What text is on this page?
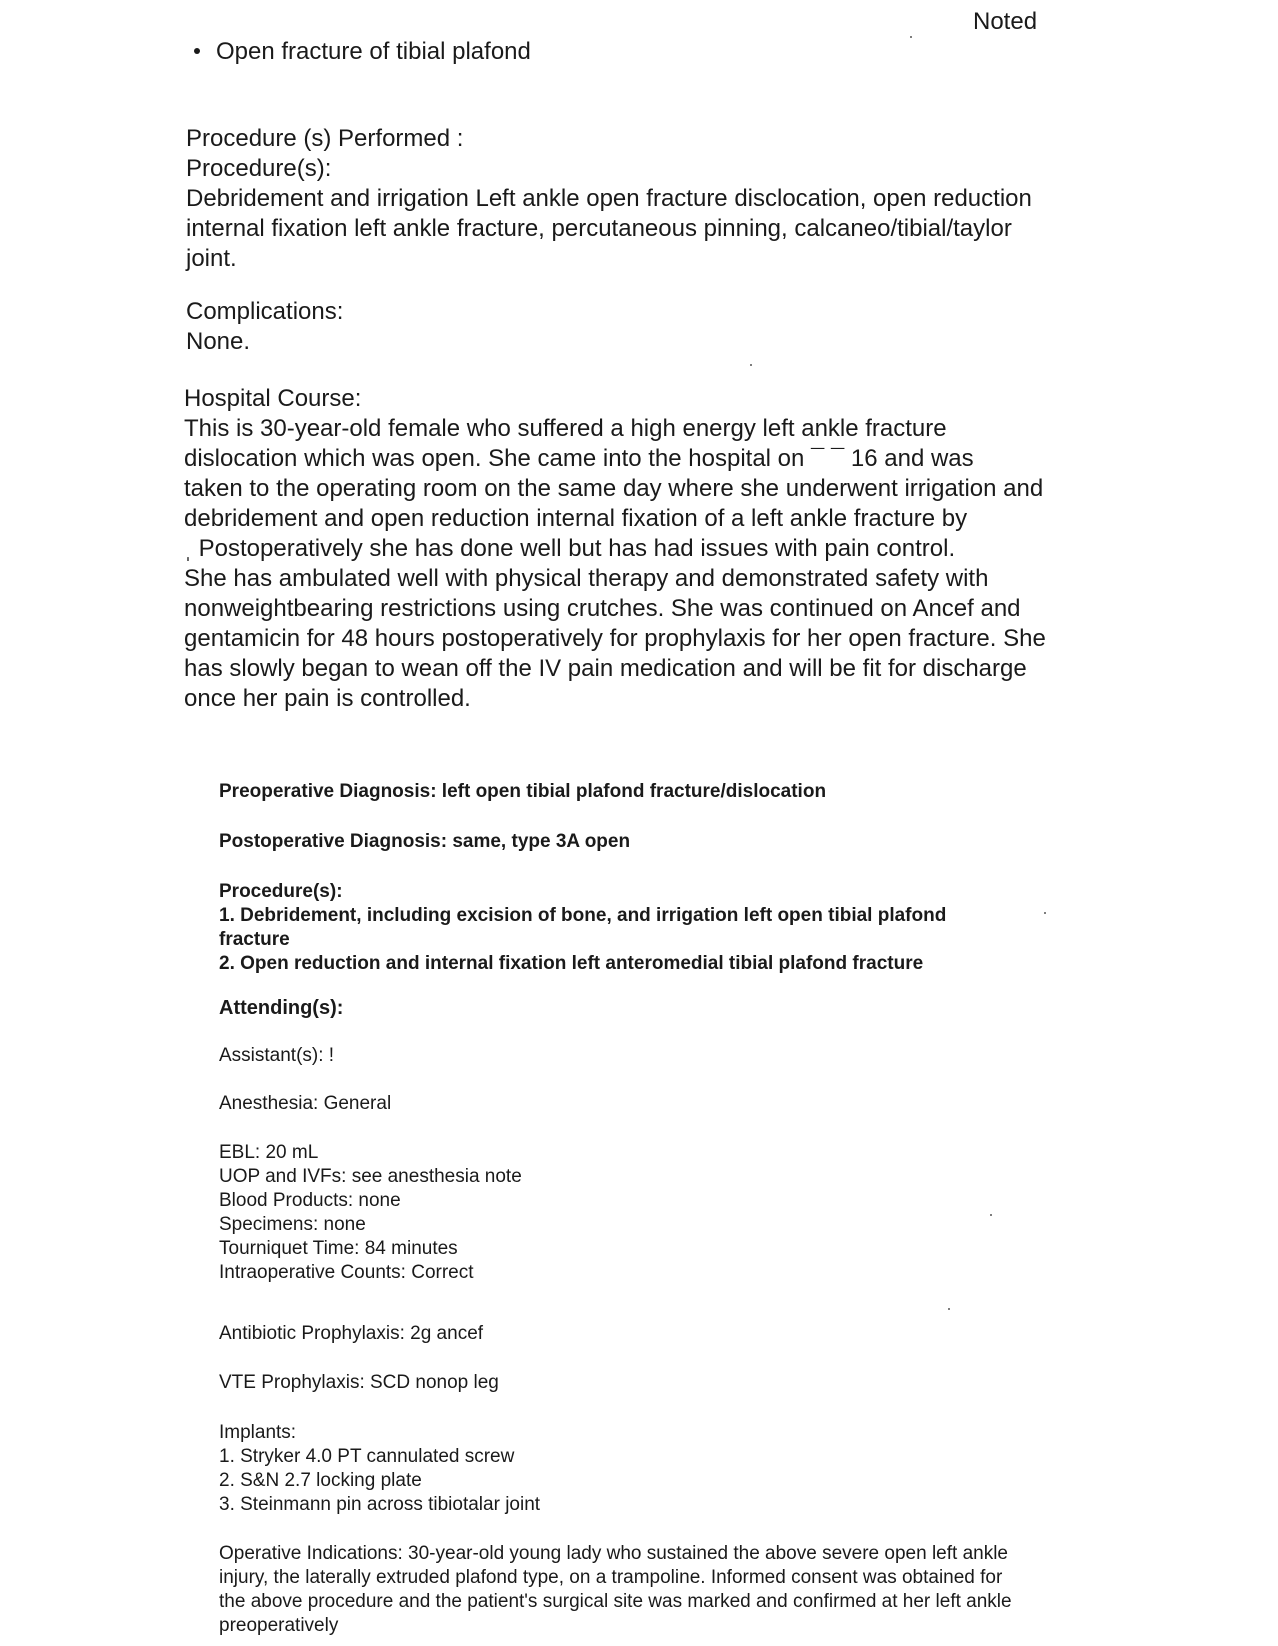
Noted
Open fracture of tibial plafond
Procedure (s) Performed :
Procedure(s):
Debridement and irrigation Left ankle open fracture disclocation, open reduction
internal fixation left ankle fracture, percutaneous pinning, calcaneo/tibial/taylor
joint.
Complications:
None.
Hospital Course:
This is 30-year-old female who suffered a high energy left ankle fracture
dislocation which was open. She came into the hospital on ¯ ¯ 16 and was
taken to the operating room on the same day where she underwent irrigation and
debridement and open reduction internal fixation of a left ankle fracture by
ˌ Postoperatively she has done well but has had issues with pain control.
She has ambulated well with physical therapy and demonstrated safety with
nonweightbearing restrictions using crutches. She was continued on Ancef and
gentamicin for 48 hours postoperatively for prophylaxis for her open fracture. She
has slowly began to wean off the IV pain medication and will be fit for discharge
once her pain is controlled.
Preoperative Diagnosis: left open tibial plafond fracture/dislocation
Postoperative Diagnosis: same, type 3A open
Procedure(s):
1. Debridement, including excision of bone, and irrigation left open tibial plafond
fracture
2. Open reduction and internal fixation left anteromedial tibial plafond fracture
Attending(s):
Assistant(s): !
Anesthesia: General
EBL: 20 mL
UOP and IVFs: see anesthesia note
Blood Products: none
Specimens: none
Tourniquet Time: 84 minutes
Intraoperative Counts: Correct
Antibiotic Prophylaxis: 2g ancef
VTE Prophylaxis: SCD nonop leg
Implants:
1. Stryker 4.0 PT cannulated screw
2. S&N 2.7 locking plate
3. Steinmann pin across tibiotalar joint
Operative Indications: 30-year-old young lady who sustained the above severe open left ankle
injury, the laterally extruded plafond type, on a trampoline. Informed consent was obtained for
the above procedure and the patient's surgical site was marked and confirmed at her left ankle
preoperatively
